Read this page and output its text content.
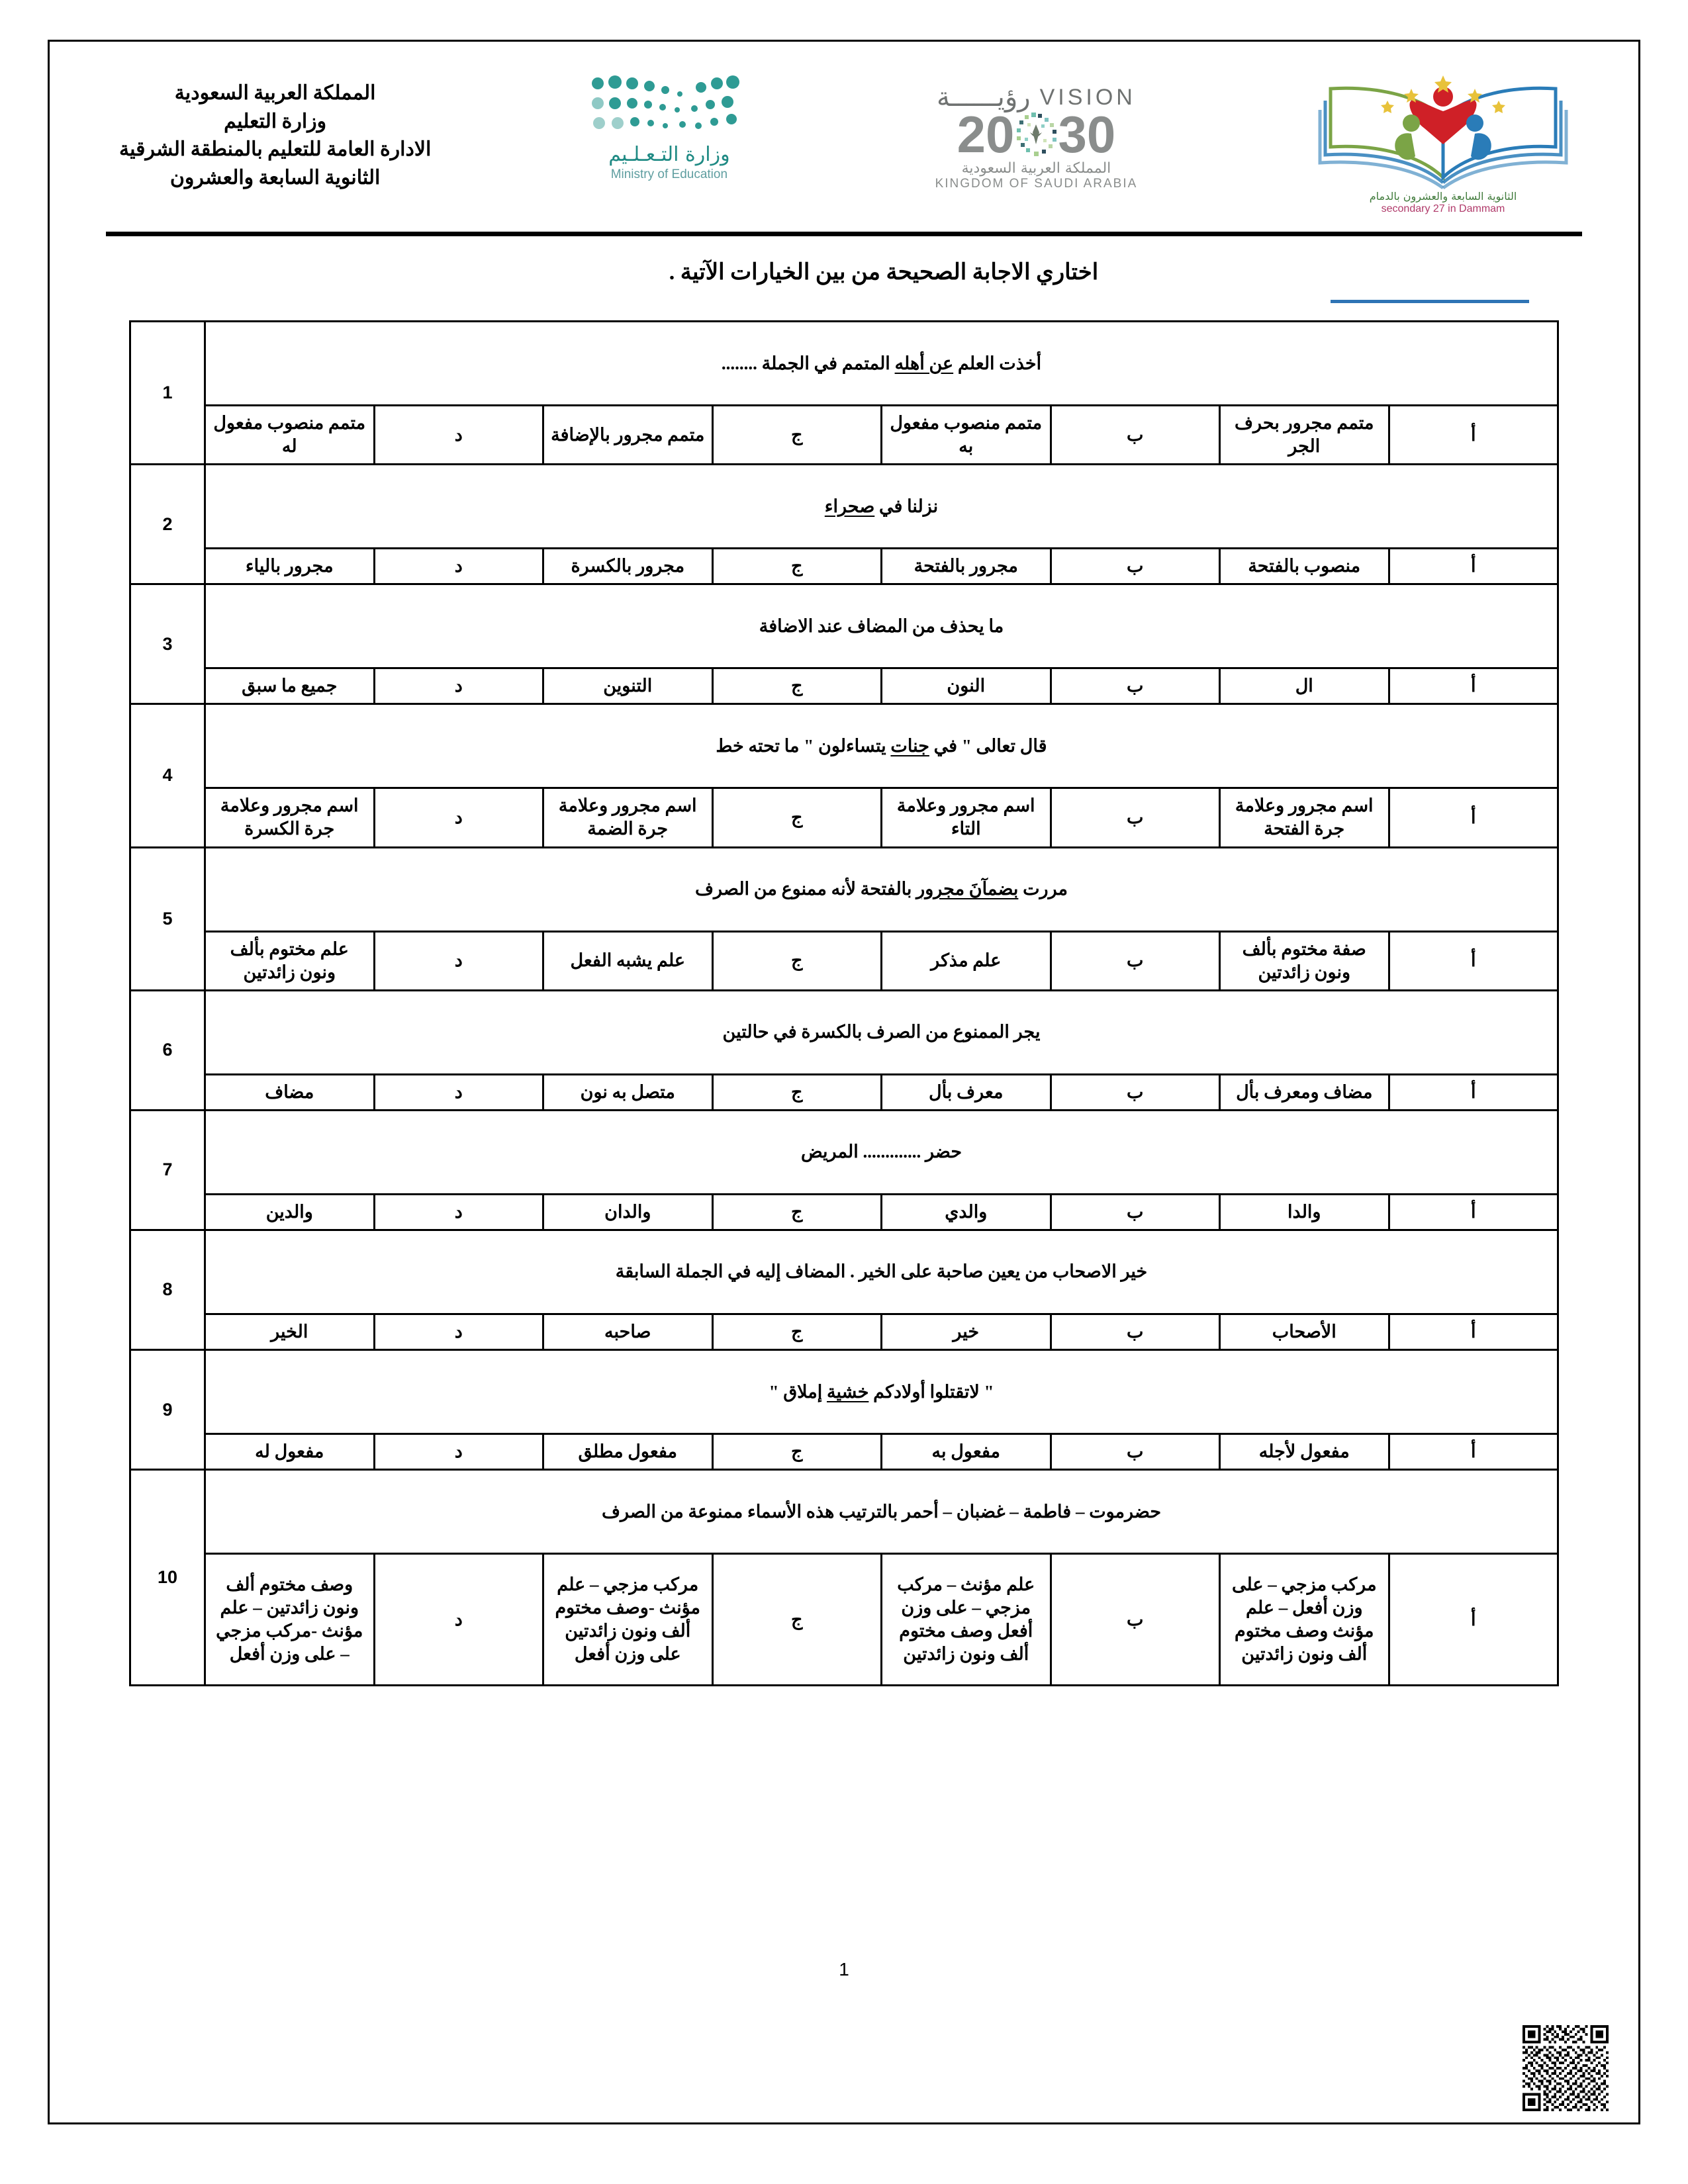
المملكة العربية السعودية
وزارة التعليم
الادارة العامة للتعليم بالمنطقة الشرقية
الثانوية السابعة والعشرون
وزارة التـعـلـيم
Ministry of Education
رؤيــــــة VISION
20 30
المملكة العربية السعودية
KINGDOM OF SAUDI ARABIA
الثانوية السابعة والعشرون بالدمام
secondary 27 in Dammam
اختاري الاجابة الصحيحة من بين الخيارات الآتية .
أخذت العلم عن أهله المتمم في الجملة ........								1
أ	متمم مجرور بحرف الجر	ب	متمم منصوب مفعول به	ج	متمم مجرور بالإضافة	د	متمم منصوب مفعول له	
نزلنا في صحراء								2
أ	منصوب بالفتحة	ب	مجرور بالفتحة	ج	مجرور بالكسرة	د	مجرور بالياء	
ما يحذف من المضاف عند الاضافة								3
أ	ال	ب	النون	ج	التنوين	د	جميع ما سبق	
قال تعالى " في جنات يتساءلون " ما تحته خط								4
أ	اسم مجرور وعلامة جرة الفتحة	ب	اسم مجرور وعلامة التاء	ج	اسم مجرور وعلامة جرة الضمة	د	اسم مجرور وعلامة جرة الكسرة	
مررت بضمآنَ مجرور بالفتحة لأنه ممنوع من الصرف								5
أ	صفة مختوم بألف ونون زائدتين	ب	علم مذكر	ج	علم يشبه الفعل	د	علم مختوم بألف ونون زائدتين	
يجر الممنوع من الصرف بالكسرة في حالتين								6
أ	مضاف ومعرف بأل	ب	معرف بأل	ج	متصل به نون	د	مضاف	
حضر ............. المريض								7
أ	والدا	ب	والدي	ج	والدان	د	والدين	
خير الاصحاب من يعين صاحبة على الخير . المضاف إليه في الجملة السابقة								8
أ	الأصحاب	ب	خير	ج	صاحبه	د	الخير	
" لاتقتلوا أولادكم خشية إملاق "								9
أ	مفعول لأجله	ب	مفعول به	ج	مفعول مطلق	د	مفعول له	
حضرموت – فاطمة – غضبان – أحمر بالترتيب هذه الأسماء ممنوعة من الصرف								10
أ	مركب مزجي – على وزن أفعل – علم مؤنث وصف مختوم ألف ونون زائدتين	ب	علم مؤنث – مركب مزجي – على وزن أفعل وصف مختوم ألف ونون زائدتين	ج	مركب مزجي – علم مؤنث -وصف مختوم ألف ونون زائدتين على وزن أفعل	د	وصف مختوم ألف ونون زائدتين – علم مؤنث -مركب مزجي – على وزن أفعل	
1
